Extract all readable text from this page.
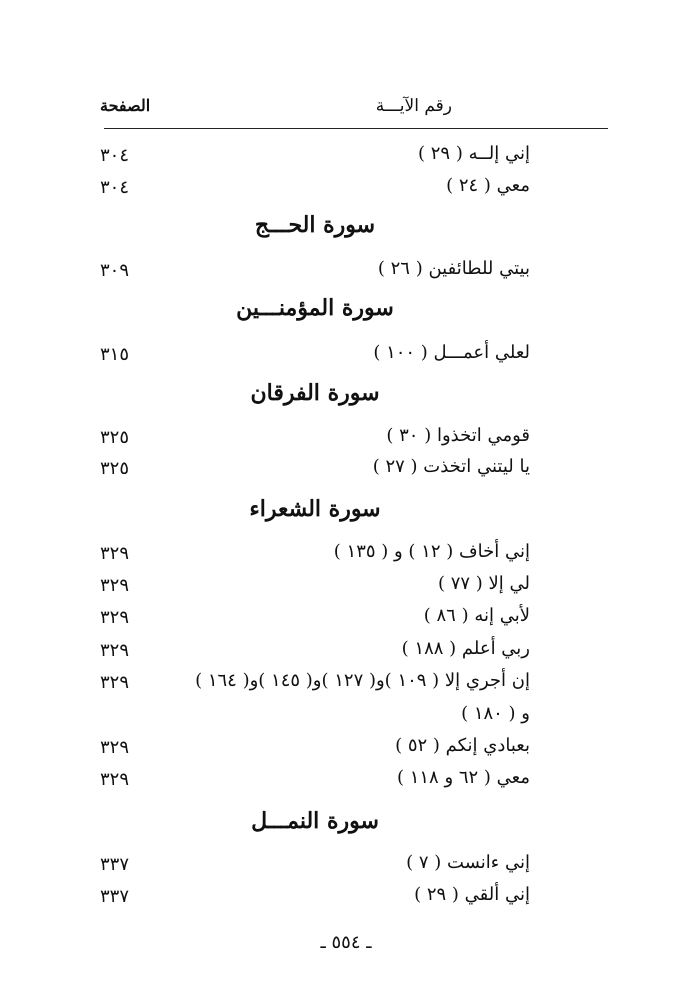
رقم الآيـــة
الصفحة
إني إلــه ( ٢٩ )
٣٠٤
معي ( ٢٤ )
٣٠٤
سورة الحـــج
بيتي للطائفين ( ٢٦ )
٣٠٩
سورة المؤمنـــين
لعلي أعمـــل ( ١٠٠ )
٣١٥
سورة الفرقان
قومي اتخذوا ( ٣٠ )
٣٢٥
يا ليتني اتخذت ( ٢٧ )
٣٢٥
سورة الشعراء
إني أخاف ( ١٢ ) و ( ١٣٥ )
٣٢٩
لي إلا ( ٧٧ )
٣٢٩
لأبي إنه ( ٨٦ )
٣٢٩
ربي أعلم ( ١٨٨ )
٣٢٩
إن أجري إلا ( ١٠٩ )و( ١٢٧ )و( ١٤٥ )و( ١٦٤ )
٣٢٩
و ( ١٨٠ )
بعبادي إنكم ( ٥٢ )
٣٢٩
معي ( ٦٢ و ١١٨ )
٣٢٩
سورة النمـــل
إني ءانست ( ٧ )
٣٣٧
إني ألقي ( ٢٩ )
٣٣٧
ـ ٥٥٤ ـ
